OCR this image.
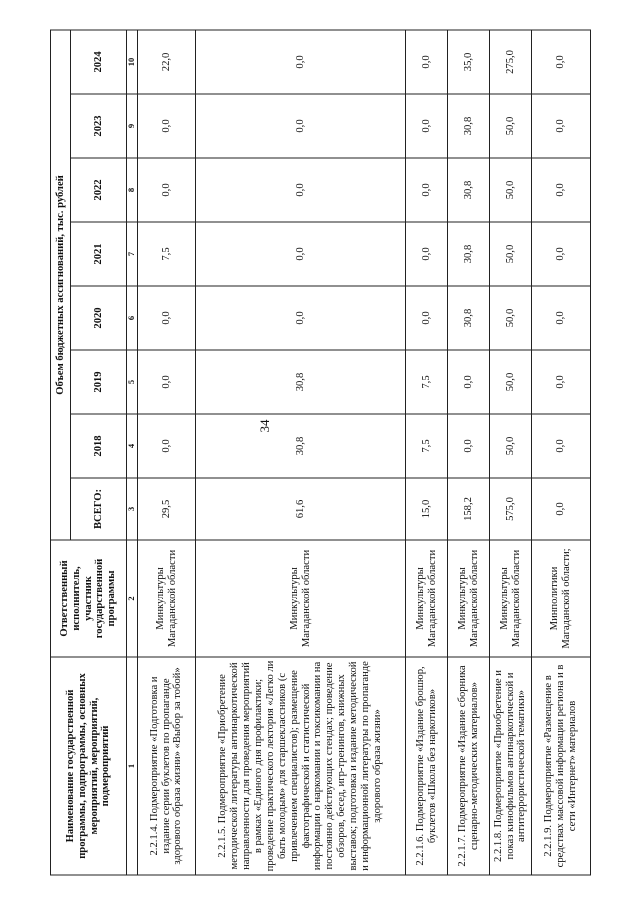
34
Наименование государственной программы, подпрограммы, основных мероприятий, мероприятий, подмероприятий	Ответственный исполнитель, участник государственной программы	Объем бюджетных ассигнований, тыс. рублей							
		ВСЕГО:	2018	2019	2020	2021	2022	2023	2024
1	2	3	4	5	6	7	8	9	10
2.2.1.4. Подмероприятие «Подготовка и издание серии буклетов по пропаганде здорового образа жизни» «Выбор за тобой»	Минкультуры Магаданской области	29,5	0,0	0,0	0,0	7,5	0,0	0,0	22,0
2.2.1.5. Подмероприятие «Приобретение методической литературы антинаркотической направленности для проведения мероприятий в рамках «Единого дня профилактики; проведение практического лектория «Легко ли быть молодым» для старшеклассников (с привлечением специалистов); размещение фактографической и статистической информации о наркомании и токсикомании на постоянно действующих стендах; проведение обзоров, бесед, игр-тренингов, книжных выставок; подготовка и издание методической и информационной литературы по пропаганде здорового образа жизни»	Минкультуры Магаданской области	61,6	30,8	30,8	0,0	0,0	0,0	0,0	0,0
2.2.1.6. Подмероприятие «Издание брошюр, буклетов «Школа без наркотиков»	Минкультуры Магаданской области	15,0	7,5	7,5	0,0	0,0	0,0	0,0	0,0
2.2.1.7. Подмероприятие «Издание сборника сценарно-методических материалов»	Минкультуры Магаданской области	158,2	0,0	0,0	30,8	30,8	30,8	30,8	35,0
2.2.1.8. Подмероприятие «Приобретение и показ кинофильмов антинаркотической и антитеррористической тематики»	Минкультуры Магаданской области	575,0	50,0	50,0	50,0	50,0	50,0	50,0	275,0
2.2.1.9. Подмероприятие «Размещение в средствах массовой информации региона и в сети «Интернет» материалов	Минполитики Магаданской области;	0,0	0,0	0,0	0,0	0,0	0,0	0,0	0,0
